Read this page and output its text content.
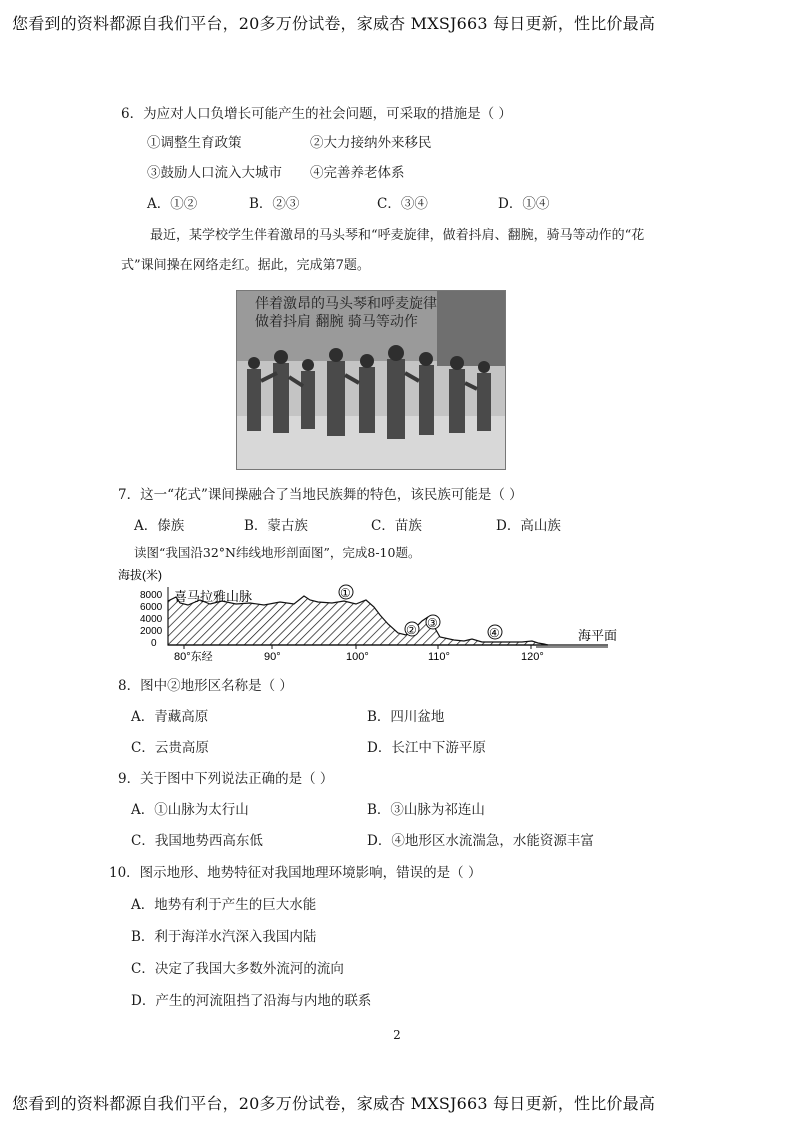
您看到的资料都源自我们平台，20多万份试卷，家威杏 MXSJ663 每日更新，性比价最高
6．为应对人口负增长可能产生的社会问题，可采取的措施是（ ）
①调整生育政策	②大力接纳外来移民
③鼓励人口流入大城市 ④完善养老体系
A．①②	B．②③	C．③④	D．①④
最近，某学校学生伴着激昂的马头琴和“呼麦旋律，做着抖肩、翻腕，骑马等动作的“花
式”课间操在网络走红。据此，完成第7题。
伴着激昂的马头琴和呼麦旋律
做着抖肩 翻腕 骑马等动作
7．这一“花式”课间操融合了当地民族舞的特色，该民族可能是（ ）
A．傣族	B．蒙古族	C．苗族	D．高山族
读图“我国沿32°N纬线地形剖面图”，完成8-10题。
海拔(米)
8000
6000
4000
2000
0
喜马拉雅山脉
海平面
①
② ③
④
80°东经	90°	100°	110°	120°
8．图中②地形区名称是（ ）
A．青藏高原	B．四川盆地
C．云贵高原	D．长江中下游平原
9．关于图中下列说法正确的是（ ）
A．①山脉为太行山	B．③山脉为祁连山
C．我国地势西高东低	D．④地形区水流湍急，水能资源丰富
10．图示地形、地势特征对我国地理环境影响，错误的是（ ）
A．地势有利于产生的巨大水能
B．利于海洋水汽深入我国内陆
C．决定了我国大多数外流河的流向
D．产生的河流阻挡了沿海与内地的联系
2
您看到的资料都源自我们平台，20多万份试卷，家威杏 MXSJ663 每日更新，性比价最高
